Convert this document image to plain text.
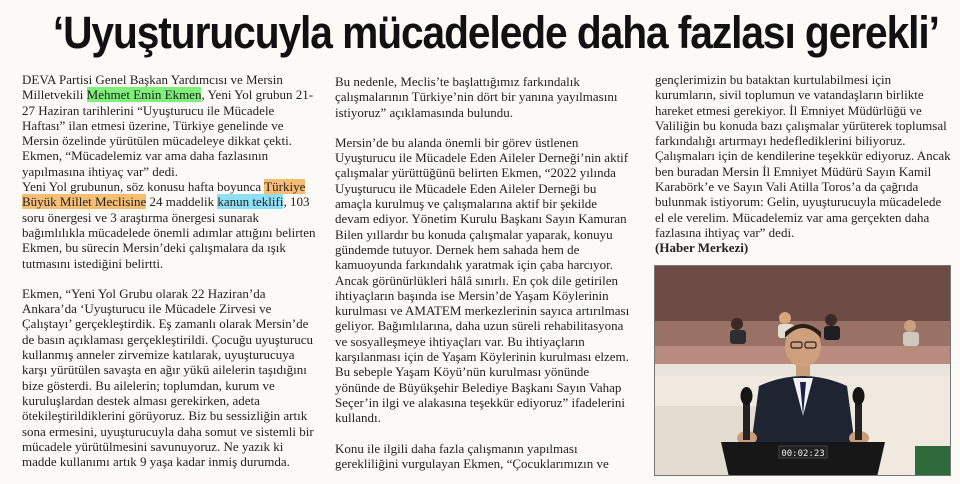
‘Uyuşturucuyla mücadelede daha fazlası gerekli’

DEVA Partisi Genel Başkan Yardımcısı ve Mersin Milletvekili Mehmet Emin Ekmen, Yeni Yol grubun 21-27 Haziran tarihlerini “Uyuşturucu ile Mücadele Haftası” ilan etmesi üzerine, Türkiye genelinde ve Mersin özelinde yürütülen mücadeleye dikkat çekti. Ekmen, “Mücadelemiz var ama daha fazlasının yapılmasına ihtiyaç var” dedi.

Yeni Yol grubunun, söz konusu hafta boyunca Türkiye Büyük Millet Meclisine 24 maddelik kanun teklifi, 103 soru önergesi ve 3 araştırma önergesi sunarak bağımlılıkla mücadelede önemli adımlar attığını belirten Ekmen, bu sürecin Mersin’deki çalışmalara da ışık tutmasını istediğini belirtti.

Ekmen, “Yeni Yol Grubu olarak 22 Haziran’da Ankara’da ‘Uyuşturucu ile Mücadele Zirvesi ve Çalıştayı’ gerçekleştirdik. Eş zamanlı olarak Mersin’de de basın açıklaması gerçekleştirildi. Çocuğu uyuşturucu kullanmış anneler zirvemize katılarak, uyuşturucuya karşı yürütülen savaşta en ağır yükü ailelerin taşıdığını bize gösterdi. Bu ailelerin; toplumdan, kurum ve kuruluşlardan destek alması gerekirken, adeta ötekileştirildiklerini görüyoruz. Biz bu sessizliğin artık sona ermesini, uyuşturucuyla daha somut ve sistemli bir mücadele yürütülmesini savunuyoruz. Ne yazık ki madde kullanımı artık 9 yaşa kadar inmiş durumda.

Bu nedenle, Meclis’te başlattığımız farkındalık çalışmalarının Türkiye’nin dört bir yanına yayılmasını istiyoruz” açıklamasında bulundu.

Mersin’de bu alanda önemli bir görev üstlenen Uyuşturucu ile Mücadele Eden Aileler Derneği’nin aktif çalışmalar yürüttüğünü belirten Ekmen, “2022 yılında Uyuşturucu ile Mücadele Eden Aileler Derneği bu amaçla kurulmuş ve çalışmalarına aktif bir şekilde devam ediyor. Yönetim Kurulu Başkanı Sayın Kamuran Bilen yıllardır bu konuda çalışmalar yaparak, konuyu gündemde tutuyor. Dernek hem sahada hem de kamuoyunda farkındalık yaratmak için çaba harcıyor. Ancak görünürlükleri hâlâ sınırlı. En çok dile getirilen ihtiyaçların başında ise Mersin’de Yaşam Köylerinin kurulması ve AMATEM merkezlerinin sayıca artırılması geliyor. Bağımlılarına, daha uzun süreli rehabilitasyona ve sosyalleşmeye ihtiyaçları var. Bu ihtiyaçların karşılanması için de Yaşam Köylerinin kurulması elzem. Bu sebeple Yaşam Köyü’nün kurulması yönünde yönünde de Büyükşehir Belediye Başkanı Sayın Vahap Seçer’in ilgi ve alakasına teşekkür ediyoruz” ifadelerini kullandı.

Konu ile ilgili daha fazla çalışmanın yapılması gerekliliğini vurgulayan Ekmen, “Çocuklarımızın ve

gençlerimizin bu bataktan kurtulabilmesi için kurumların, sivil toplumun ve vatandaşların birlikte hareket etmesi gerekiyor. İl Emniyet Müdürlüğü ve Valiliğin bu konuda bazı çalışmalar yürüterek toplumsal farkındalığı artırmayı hedeflediklerini biliyoruz. Çalışmaları için de kendilerine teşekkür ediyoruz. Ancak ben buradan Mersin İl Emniyet Müdürü Sayın Kamil Karabörk’e ve Sayın Vali Atilla Toros’a da çağrıda bulunmak istiyorum: Gelin, uyuşturucuyla mücadelede el ele verelim. Mücadelemiz var ama gerçekten daha fazlasına ihtiyaç var” dedi.

(Haber Merkezi)

00:02:23
